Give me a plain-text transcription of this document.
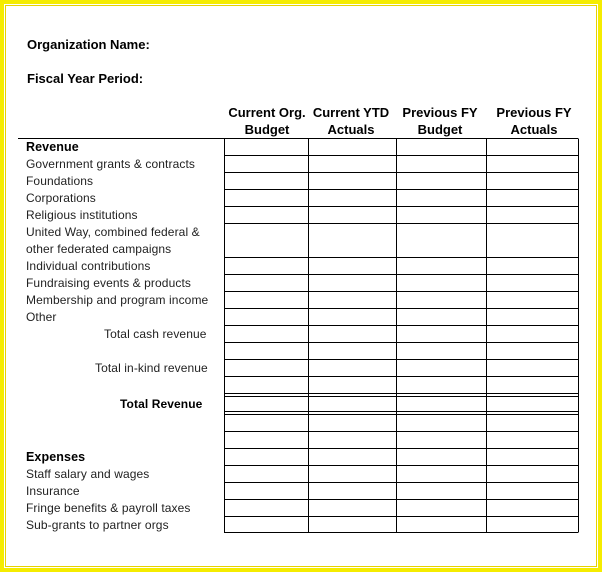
Organization Name:
Fiscal Year Period:
Current Org.
Budget
Current YTD
Actuals
Previous FY
Budget
Previous FY
Actuals
Revenue
Government grants & contracts
Foundations
Corporations
Religious institutions
United Way, combined federal &
other federated campaigns
Individual contributions
Fundraising events & products
Membership and program income
Other
Total cash revenue
Total in-kind revenue
Total Revenue
Expenses
Staff salary and wages
Insurance
Fringe benefits & payroll taxes
Sub-grants to partner orgs
